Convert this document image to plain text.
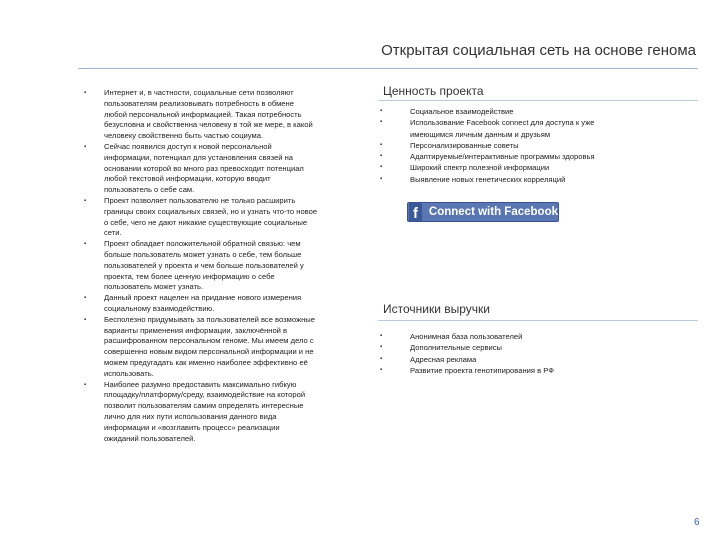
Открытая социальная сеть на основе генома
▪	Интернет и, в частности, социальные сети позволяют
пользователям реализовывать потребность в обмене
любой персональной информацией. Такая потребность
безусловна и свойственна человеку в той же мере, в какой
человеку свойственно быть частью социума.
▪	Сейчас появился доступ к новой персональной
информации, потенциал для установления связей на
основании которой во много раз превосходит потенциал
любой текстовой информации, которую вводит
пользователь о себе сам.
▪	Проект позволяет пользователю не только расширить
границы своих социальных связей, но и узнать что-то новое
о себе, чего не дают никакие существующие социальные
сети.
▪	Проект обладает положительной обратной связью: чем
больше пользователь может узнать о себе, тем больше
пользователей у проекта и чем больше пользователей у
проекта, тем более ценную информацию о себе
пользователь может узнать.
▪	Данный проект нацелен на придание нового измерения
социальному взаимодействию.
▪	Бесполезно придумывать за пользователей все возможные
варианты применения информации, заключённой в
расшифрованном персональном геноме. Мы имеем дело с
совершенно новым видом персональной информации и не
можем предугадать как именно наиболее эффективно её
использовать.
▪	Наиболее разумно предоставить максимально гибкую
площадку/платформу/среду, взаимодействие на которой
позволит пользователям самим определять интересные
лично для них пути использования данного вида
информации и «возглавить процесс» реализации
ожиданий пользователей.
Ценность проекта
▪	Социальное взаимодействие
▪	Использование Facebook connect для доступа к уже
имеющимся личным данным и друзьям
▪	Персонализированные советы
▪	Адаптируемые/интерактивные программы здоровья
▪	Широкий спектр полезной информации
▪	Выявление новых генетических корреляций
f Connect with Facebook
Источники выручки
▪	Анонимная база пользователей
▪	Дополнительные сервисы
▪	Адресная реклама
▪	Развитие проекта генотипирования в РФ
6
